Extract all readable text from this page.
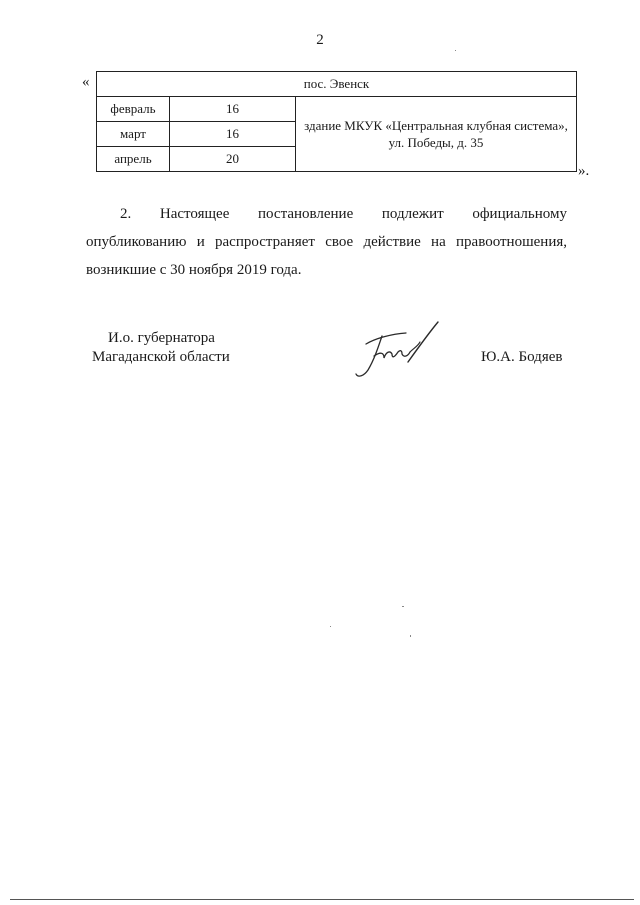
2
«	пос. Эвенск		
февраль	16	здание МКУК «Центральная клубная система»,
ул. Победы, д. 35

март	16	
апрель	20	
».
2. Настоящее постановление подлежит официальному опубликованию и распространяет свое действие на правоотношения, возникшие с 30 ноября 2019 года.
И.о. губернатора
Магаданской области	Ю.А. Бодяев
